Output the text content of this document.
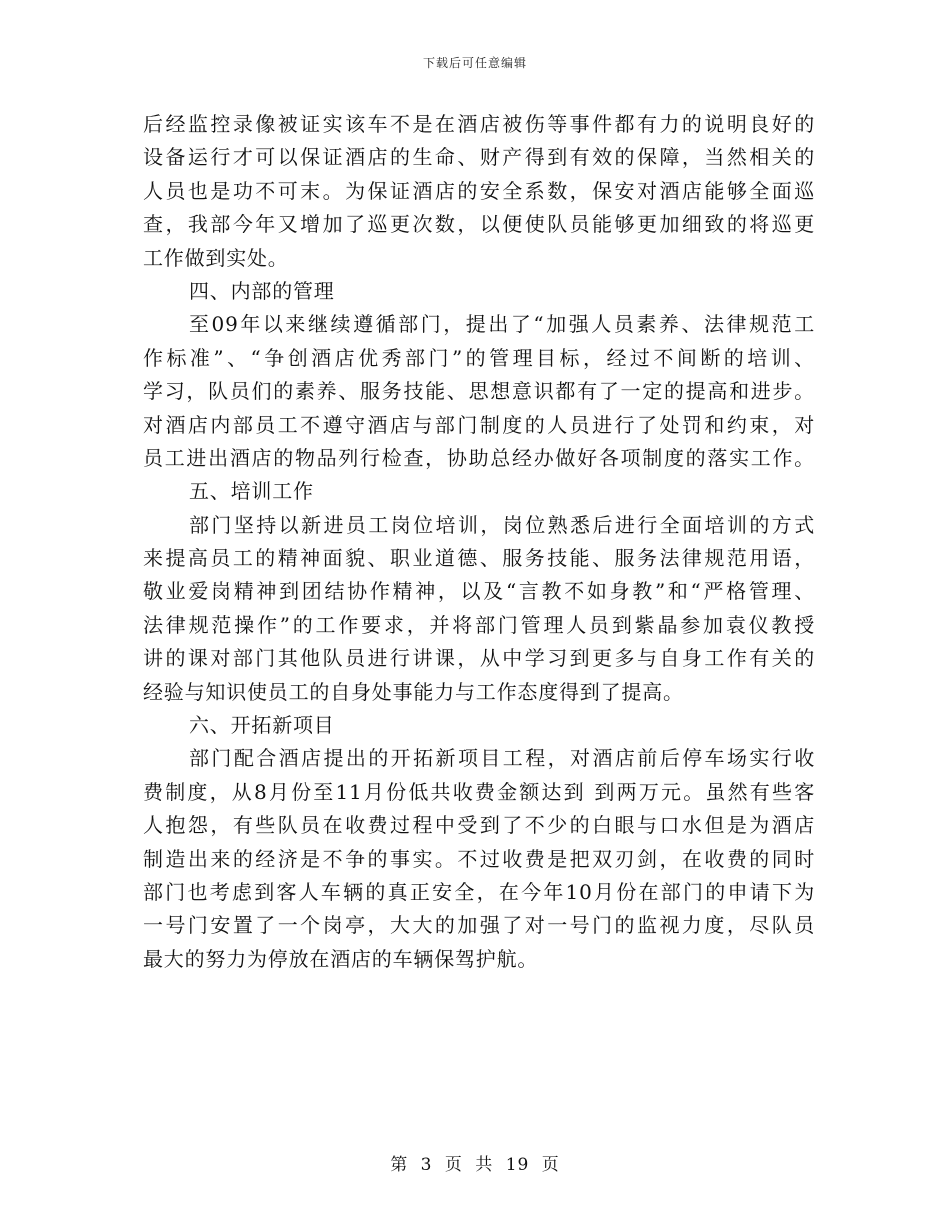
下载后可任意编辑
后经监控录像被证实该车不是在酒店被伤等事件都有力的说明良好的
设备运行才可以保证酒店的生命、财产得到有效的保障，当然相关的
人员也是功不可末。为保证酒店的安全系数，保安对酒店能够全面巡
查，我部今年又增加了巡更次数，以便使队员能够更加细致的将巡更
工作做到实处。
四、内部的管理
至09年以来继续遵循部门，提出了“加强人员素养、法律规范工
作标准”、“争创酒店优秀部门”的管理目标，经过不间断的培训、
学习，队员们的素养、服务技能、思想意识都有了一定的提高和进步。
对酒店内部员工不遵守酒店与部门制度的人员进行了处罚和约束，对
员工进出酒店的物品列行检查，协助总经办做好各项制度的落实工作。
五、培训工作
部门坚持以新进员工岗位培训，岗位熟悉后进行全面培训的方式
来提高员工的精神面貌、职业道德、服务技能、服务法律规范用语，
敬业爱岗精神到团结协作精神，以及“言教不如身教”和“严格管理、
法律规范操作”的工作要求，并将部门管理人员到紫晶参加袁仪教授
讲的课对部门其他队员进行讲课，从中学习到更多与自身工作有关的
经验与知识使员工的自身处事能力与工作态度得到了提高。
六、开拓新项目
部门配合酒店提出的开拓新项目工程，对酒店前后停车场实行收
费制度，从8月份至11月份低共收费金额达到 到两万元。虽然有些客
人抱怨，有些队员在收费过程中受到了不少的白眼与口水但是为酒店
制造出来的经济是不争的事实。不过收费是把双刃剑，在收费的同时
部门也考虑到客人车辆的真正安全，在今年10月份在部门的申请下为
一号门安置了一个岗亭，大大的加强了对一号门的监视力度，尽队员
最大的努力为停放在酒店的车辆保驾护航。
第 3 页 共 19 页
